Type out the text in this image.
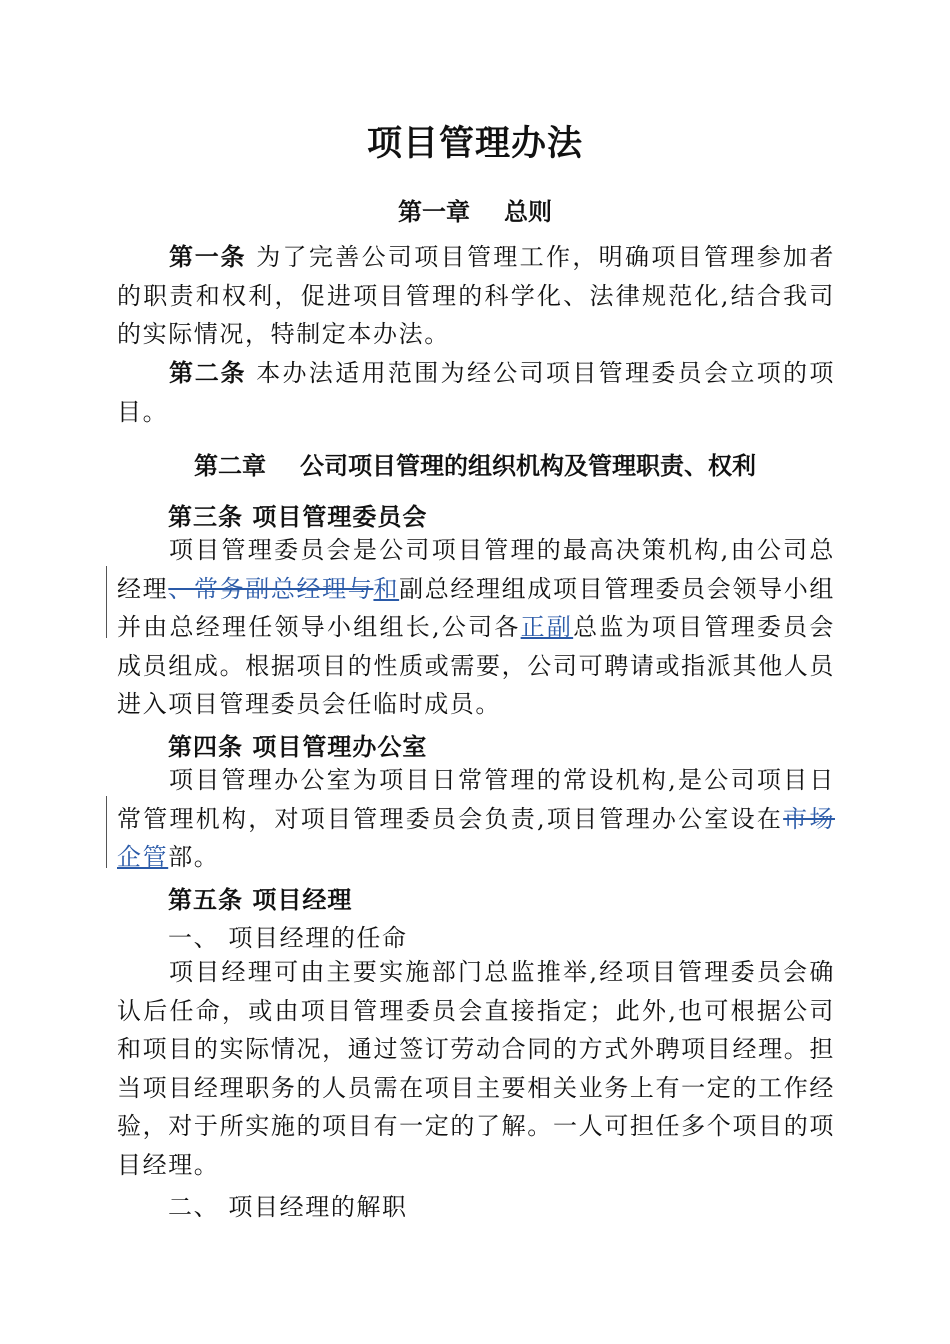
项目管理办法
第一章 总则
第一条 为了完善公司项目管理工作，明确项目管理参加者的职责和权利，促进项目管理的科学化、法律规范化,结合我司的实际情况，特制定本办法。
第二条 本办法适用范围为经公司项目管理委员会立项的项目。
第二章 公司项目管理的组织机构及管理职责、权利
第三条 项目管理委员会
项目管理委员会是公司项目管理的最高决策机构,由公司总经理、常务副总经理与和副总经理组成项目管理委员会领导小组并由总经理任领导小组组长,公司各正副总监为项目管理委员会成员组成。根据项目的性质或需要，公司可聘请或指派其他人员进入项目管理委员会任临时成员。
第四条 项目管理办公室
项目管理办公室为项目日常管理的常设机构,是公司项目日常管理机构，对项目管理委员会负责,项目管理办公室设在市场企管部。
第五条 项目经理
一、 项目经理的任命
项目经理可由主要实施部门总监推举,经项目管理委员会确认后任命，或由项目管理委员会直接指定；此外,也可根据公司和项目的实际情况，通过签订劳动合同的方式外聘项目经理。担当项目经理职务的人员需在项目主要相关业务上有一定的工作经验，对于所实施的项目有一定的了解。一人可担任多个项目的项目经理。
二、 项目经理的解职
